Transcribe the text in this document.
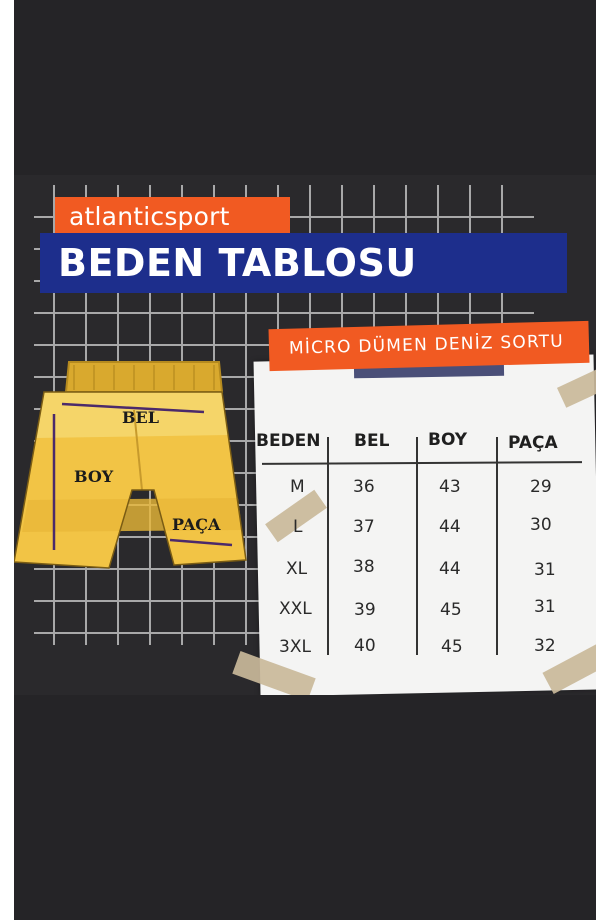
atlanticsport
BEDEN TABLOSU
BEL
BOY
PAÇA
MİCRO DÜMEN DENİZ SORTU
BEDEN BEL BOY PAÇA
M	36	43	29
L	37	44	30
XL	38	44	31
XXL 39	45	31
3XL	40	45	32
